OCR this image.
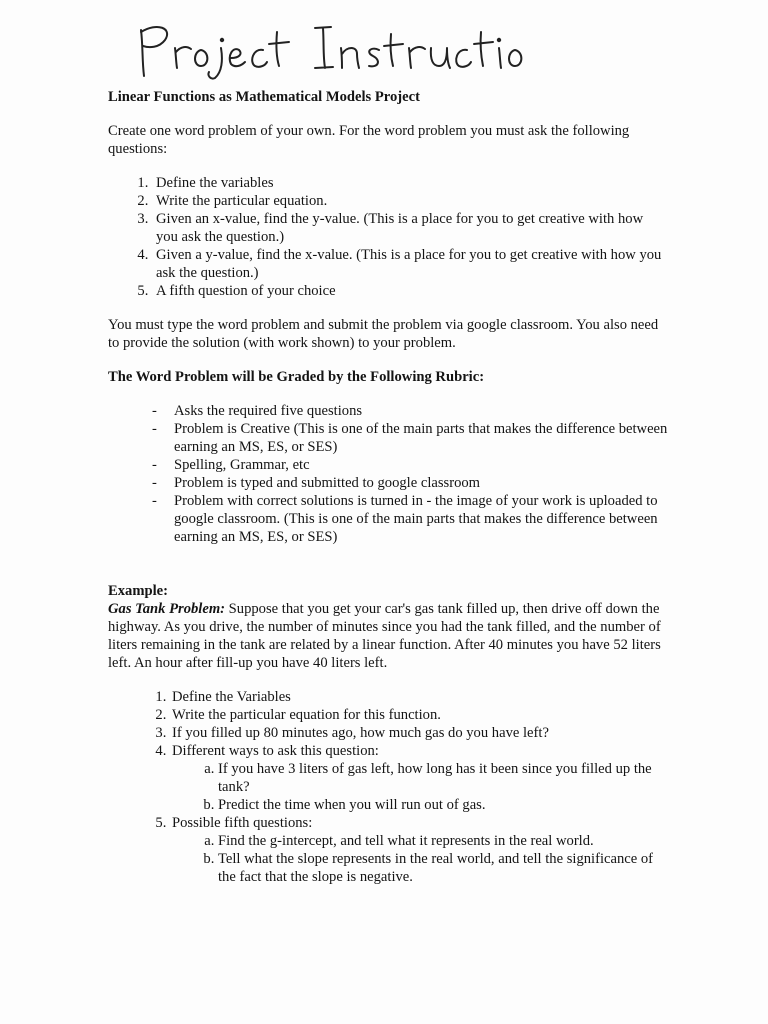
Linear Functions as Mathematical Models Project

Create one word problem of your own. For the word problem you must ask the following questions:

1. Define the variables
2. Write the particular equation.
3. Given an x-value, find the y-value. (This is a place for you to get creative with how you ask the question.)
4. Given a y-value, find the x-value. (This is a place for you to get creative with how you ask the question.)
5. A fifth question of your choice

You must type the word problem and submit the problem via google classroom. You also need to provide the solution (with work shown) to your problem.

The Word Problem will be Graded by the Following Rubric:
- Asks the required five questions
- Problem is Creative (This is one of the main parts that makes the difference between earning an MS, ES, or SES)
- Spelling, Grammar, etc
- Problem is typed and submitted to google classroom
- Problem with correct solutions is turned in - the image of your work is uploaded to google classroom. (This is one of the main parts that makes the difference between earning an MS, ES, or SES)
Example:

Gas Tank Problem: Suppose that you get your car's gas tank filled up, then drive off down the highway. As you drive, the number of minutes since you had the tank filled, and the number of liters remaining in the tank are related by a linear function. After 40 minutes you have 52 liters left. An hour after fill-up you have 40 liters left.

1. Define the Variables
2. Write the particular equation for this function.
3. If you filled up 80 minutes ago, how much gas do you have left?
4. Different ways to ask this question:
a. If you have 3 liters of gas left, how long has it been since you filled up the tank?
b. Predict the time when you will run out of gas.
5. Possible fifth questions:
a. Find the g-intercept, and tell what it represents in the real world.
b. Tell what the slope represents in the real world, and tell the significance of the fact that the slope is negative.
